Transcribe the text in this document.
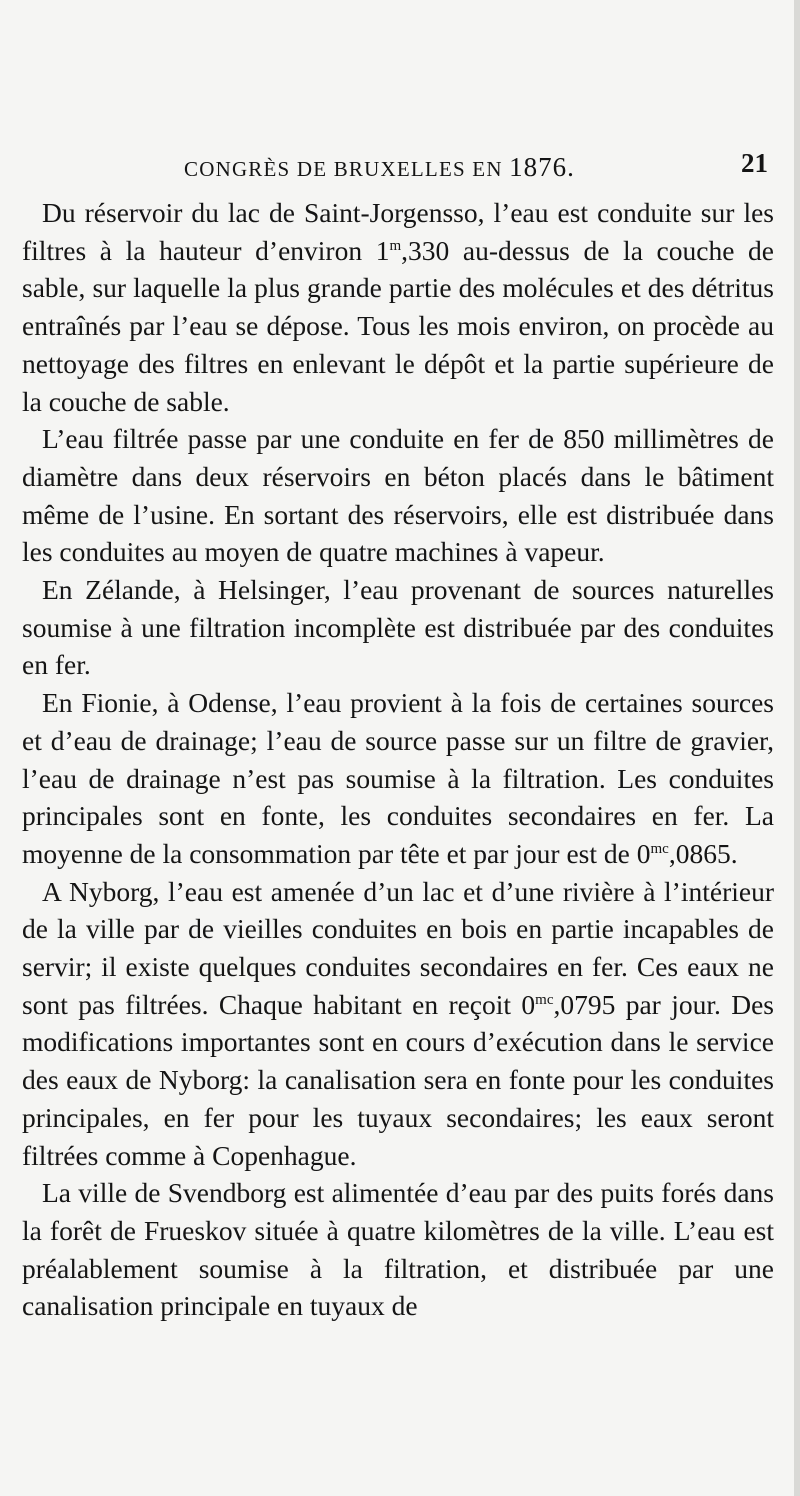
CONGRÈS DE BRUXELLES EN 1876.	21

Du réservoir du lac de Saint-Jorgensso, l’eau est conduite sur les filtres à la hauteur d’environ 1$^m$,330 au-dessus de la couche de sable, sur laquelle la plus grande partie des molécules et des détritus entraînés par l’eau se dépose. Tous les mois environ, on procède au nettoyage des filtres en enlevant le dépôt et la partie supérieure de la couche de sable.

L’eau filtrée passe par une conduite en fer de 850 millimètres de diamètre dans deux réservoirs en béton placés dans le bâtiment même de l’usine. En sortant des réservoirs, elle est distribuée dans les conduites au moyen de quatre machines à vapeur.

En Zélande, à Helsinger, l’eau provenant de sources naturelles soumise à une filtration incomplète est distribuée par des conduites en fer.

En Fionie, à Odense, l’eau provient à la fois de certaines sources et d’eau de drainage; l’eau de source passe sur un filtre de gravier, l’eau de drainage n’est pas soumise à la filtration. Les conduites principales sont en fonte, les conduites secondaires en fer. La moyenne de la consommation par tête et par jour est de $0^{mc},0865$.

A Nyborg, l’eau est amenée d’un lac et d’une rivière à l’intérieur de la ville par de vieilles conduites en bois en partie incapables de servir; il existe quelques conduites secondaires en fer. Ces eaux ne sont pas filtrées. Chaque habitant en reçoit $0^{mc},0795$ par jour. Des modifications importantes sont en cours d’exécution dans le service des eaux de Nyborg: la canalisation sera en fonte pour les conduites principales, en fer pour les tuyaux secondaires; les eaux seront filtrées comme à Copenhague.

La ville de Svendborg est alimentée d’eau par des puits forés dans la forêt de Frueskov située à quatre kilomètres de la ville. L’eau est préalablement soumise à la filtration, et distribuée par une canalisation principale en tuyaux de
